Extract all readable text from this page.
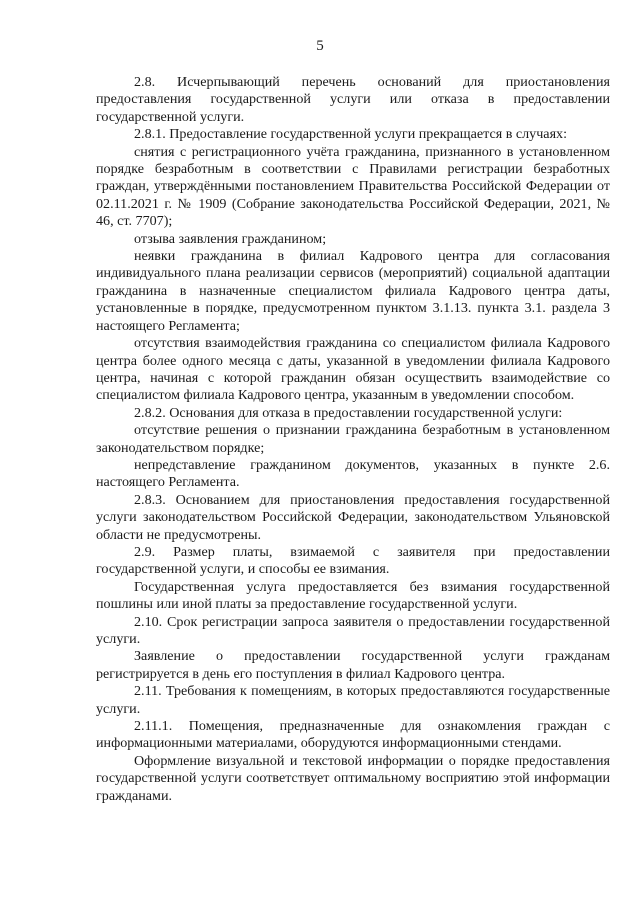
5

2.8. Исчерпывающий перечень оснований для приостановления предоставления государственной услуги или отказа в предоставлении государственной услуги.

2.8.1. Предоставление государственной услуги прекращается в случаях:

снятия с регистрационного учёта гражданина, признанного в установленном порядке безработным в соответствии с Правилами регистрации безработных граждан, утверждёнными постановлением Правительства Российской Федерации от 02.11.2021 г. № 1909 (Собрание законодательства Российской Федерации, 2021, № 46, ст. 7707);

отзыва заявления гражданином;

неявки гражданина в филиал Кадрового центра для согласования индивидуального плана реализации сервисов (мероприятий) социальной адаптации гражданина в назначенные специалистом филиала Кадрового центра даты, установленные в порядке, предусмотренном пунктом 3.1.13. пункта 3.1. раздела 3 настоящего Регламента;

отсутствия взаимодействия гражданина со специалистом филиала Кадрового центра более одного месяца с даты, указанной в уведомлении филиала Кадрового центра, начиная с которой гражданин обязан осуществить взаимодействие со специалистом филиала Кадрового центра, указанным в уведомлении способом.

2.8.2. Основания для отказа в предоставлении государственной услуги:

отсутствие решения о признании гражданина безработным в установленном законодательством порядке;

непредставление гражданином документов, указанных в пункте 2.6. настоящего Регламента.

2.8.3. Основанием для приостановления предоставления государственной услуги законодательством Российской Федерации, законодательством Ульяновской области не предусмотрены.

2.9. Размер платы, взимаемой с заявителя при предоставлении государственной услуги, и способы ее взимания.

Государственная услуга предоставляется без взимания государственной пошлины или иной платы за предоставление государственной услуги.

2.10. Срок регистрации запроса заявителя о предоставлении государственной услуги.

Заявление о предоставлении государственной услуги гражданам регистрируется в день его поступления в филиал Кадрового центра.

2.11. Требования к помещениям, в которых предоставляются государственные услуги.

2.11.1. Помещения, предназначенные для ознакомления граждан с информационными материалами, оборудуются информационными стендами.

Оформление визуальной и текстовой информации о порядке предоставления государственной услуги соответствует оптимальному восприятию этой информации гражданами.
